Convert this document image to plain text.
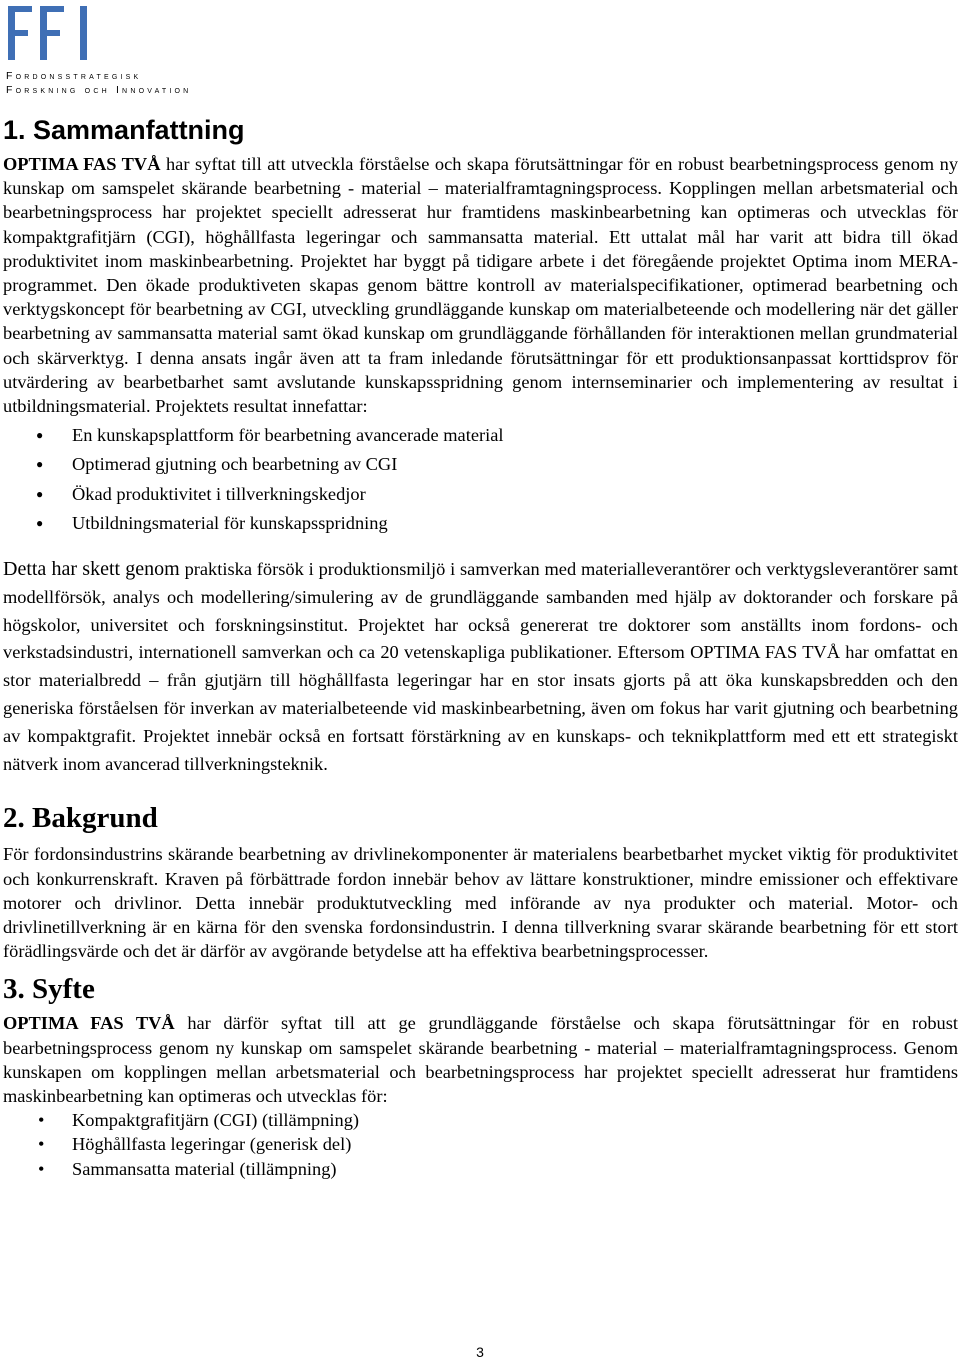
Fordonsstrategisk
Forskning och Innovation
1. Sammanfattning

OPTIMA FAS TVÅ har syftat till att utveckla förståelse och skapa förutsättningar för en robust bearbetningsprocess genom ny kunskap om samspelet skärande bearbetning - material – materialframtagningsprocess. Kopplingen mellan arbetsmaterial och bearbetningsprocess har projektet speciellt adresserat hur framtidens maskinbearbetning kan optimeras och utvecklas för kompaktgrafitjärn (CGI), höghållfasta legeringar och sammansatta material. Ett uttalat mål har varit att bidra till ökad produktivitet inom maskinbearbetning. Projektet har byggt på tidigare arbete i det föregående projektet Optima inom MERA-programmet. Den ökade produktiveten skapas genom bättre kontroll av materialspecifikationer, optimerad bearbetning och verktygskoncept för bearbetning av CGI, utveckling grundläggande kunskap om materialbeteende och modellering när det gäller bearbetning av sammansatta material samt ökad kunskap om grundläggande förhållanden för interaktionen mellan grundmaterial och skärverktyg. I denna ansats ingår även att ta fram inledande förutsättningar för ett produktionsanpassat korttidsprov för utvärdering av bearbetbarhet samt avslutande kunskapsspridning genom internseminarier och implementering av resultat i utbildningsmaterial. Projektets resultat innefattar:

● En kunskapsplattform för bearbetning avancerade material
● Optimerad gjutning och bearbetning av CGI
● Ökad produktivitet i tillverkningskedjor
● Utbildningsmaterial för kunskapsspridning

Detta har skett genom praktiska försök i produktionsmiljö i samverkan med materialleverantörer och verktygsleverantörer samt modellförsök, analys och modellering/simulering av de grundläggande sambanden med hjälp av doktorander och forskare på högskolor, universitet och forskningsinstitut. Projektet har också genererat tre doktorer som anställts inom fordons- och verkstadsindustri, internationell samverkan och ca 20 vetenskapliga publikationer. Eftersom OPTIMA FAS TVÅ har omfattat en stor materialbredd – från gjutjärn till höghållfasta legeringar har en stor insats gjorts på att öka kunskapsbredden och den generiska förståelsen för inverkan av materialbeteende vid maskinbearbetning, även om fokus har varit gjutning och bearbetning av kompaktgrafit. Projektet innebär också en fortsatt förstärkning av en kunskaps- och teknikplattform med ett ett strategiskt nätverk inom avancerad tillverkningsteknik.

2. Bakgrund

För fordonsindustrins skärande bearbetning av drivlinekomponenter är materialens bearbetbarhet mycket viktig för produktivitet och konkurrenskraft. Kraven på förbättrade fordon innebär behov av lättare konstruktioner, mindre emissioner och effektivare motorer och drivlinor. Detta innebär produktutveckling med införande av nya produkter och material. Motor- och drivlinetillverkning är en kärna för den svenska fordonsindustrin. I denna tillverkning svarar skärande bearbetning för ett stort förädlingsvärde och det är därför av avgörande betydelse att ha effektiva bearbetningsprocesser.

3. Syfte

OPTIMA FAS TVÅ har därför syftat till att ge grundläggande förståelse och skapa förutsättningar för en robust bearbetningsprocess genom ny kunskap om samspelet skärande bearbetning - material – materialframtagningsprocess. Genom kunskapen om kopplingen mellan arbetsmaterial och bearbetningsprocess har projektet speciellt adresserat hur framtidens maskinbearbetning kan optimeras och utvecklas för:

• Kompaktgrafitjärn (CGI) (tillämpning)
• Höghållfasta legeringar (generisk del)
• Sammansatta material (tillämpning)
3
